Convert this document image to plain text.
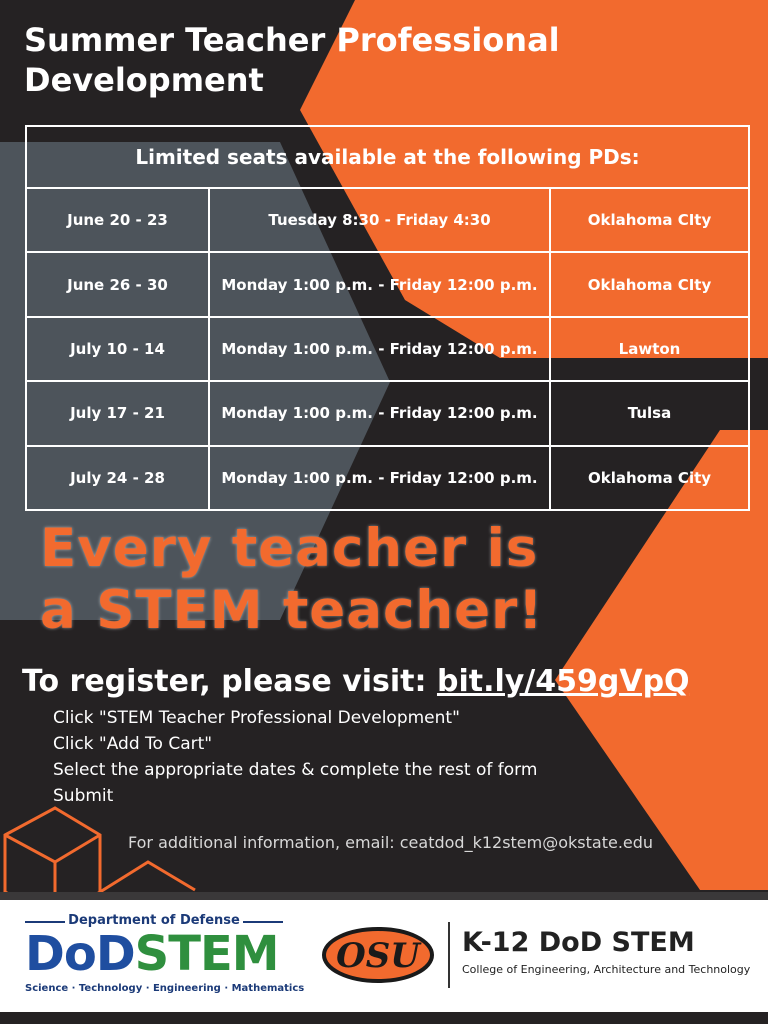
Summer Teacher Professional
Development
Limited seats available at the following PDs:		
June 20 - 23	Tuesday 8:30 - Friday 4:30	Oklahoma CIty
June 26 - 30	Monday 1:00 p.m. - Friday 12:00 p.m.	Oklahoma CIty
July 10 - 14	Monday 1:00 p.m. - Friday 12:00 p.m.	Lawton
July 17 - 21	Monday 1:00 p.m. - Friday 12:00 p.m.	Tulsa
July 24 - 28	Monday 1:00 p.m. - Friday 12:00 p.m.	Oklahoma City
Every teacher is
a STEM teacher!

To register, please visit: bit.ly/459gVpQ

Click "STEM Teacher Professional Development"
Click "Add To Cart"
Select the appropriate dates & complete the rest of form
Submit

For additional information, email: ceatdod_k12stem@okstate.edu

Department of Defense
DoDSTEM
Science · Technology · Engineering · Mathematics
OSU K-12 DoD STEM
College of Engineering, Architecture and Technology
